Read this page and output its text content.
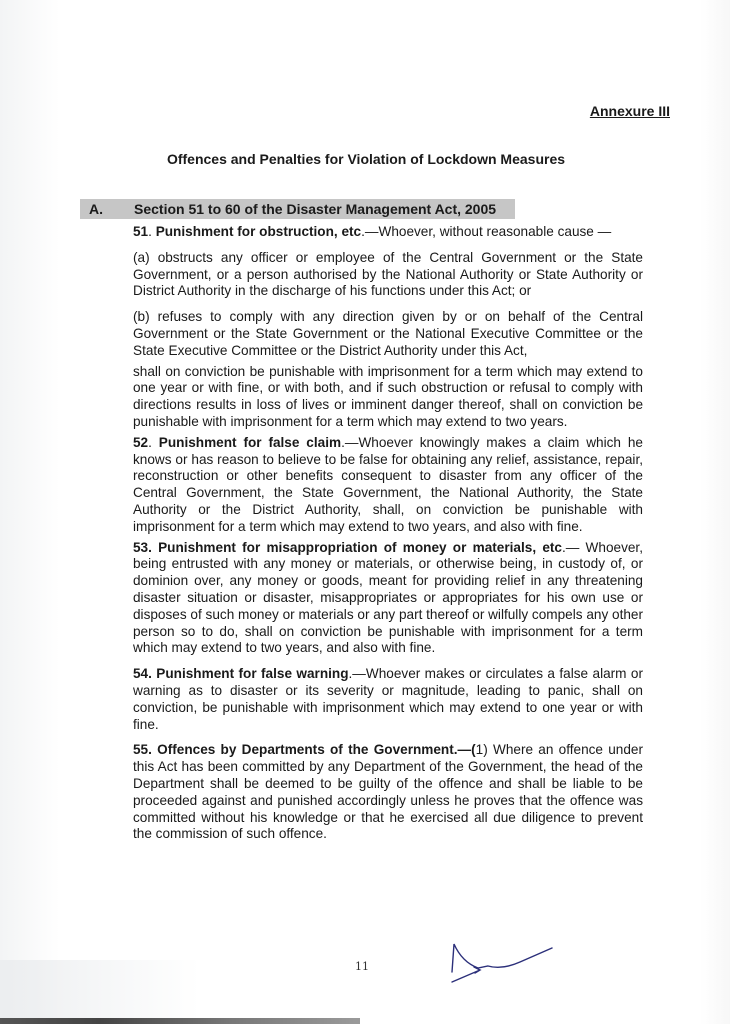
Annexure III
Offences and Penalties for Violation of Lockdown Measures
A. Section 51 to 60 of the Disaster Management Act, 2005

51. Punishment for obstruction, etc.—Whoever, without reasonable cause —

(a) obstructs any officer or employee of the Central Government or the State Government, or a person authorised by the National Authority or State Authority or District Authority in the discharge of his functions under this Act; or

(b) refuses to comply with any direction given by or on behalf of the Central Government or the State Government or the National Executive Committee or the State Executive Committee or the District Authority under this Act,

shall on conviction be punishable with imprisonment for a term which may extend to one year or with fine, or with both, and if such obstruction or refusal to comply with directions results in loss of lives or imminent danger thereof, shall on conviction be punishable with imprisonment for a term which may extend to two years.

52. Punishment for false claim.—Whoever knowingly makes a claim which he knows or has reason to believe to be false for obtaining any relief, assistance, repair, reconstruction or other benefits consequent to disaster from any officer of the Central Government, the State Government, the National Authority, the State Authority or the District Authority, shall, on conviction be punishable with imprisonment for a term which may extend to two years, and also with fine.

53. Punishment for misappropriation of money or materials, etc.— Whoever, being entrusted with any money or materials, or otherwise being, in custody of, or dominion over, any money or goods, meant for providing relief in any threatening disaster situation or disaster, misappropriates or appropriates for his own use or disposes of such money or materials or any part thereof or wilfully compels any other person so to do, shall on conviction be punishable with imprisonment for a term which may extend to two years, and also with fine.

54. Punishment for false warning.—Whoever makes or circulates a false alarm or warning as to disaster or its severity or magnitude, leading to panic, shall on conviction, be punishable with imprisonment which may extend to one year or with fine.

55. Offences by Departments of the Government.—(1) Where an offence under this Act has been committed by any Department of the Government, the head of the Department shall be deemed to be guilty of the offence and shall be liable to be proceeded against and punished accordingly unless he proves that the offence was committed without his knowledge or that he exercised all due diligence to prevent the commission of such offence.

11
